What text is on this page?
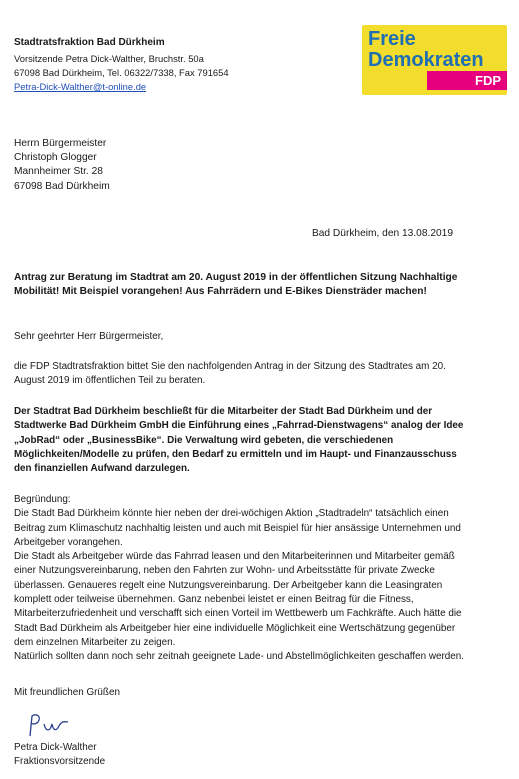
Stadtratsfraktion Bad Dürkheim
Vorsitzende Petra Dick-Walther, Bruchstr. 50a
67098 Bad Dürkheim, Tel. 06322/7338, Fax 791654
Petra-Dick-Walther@t-online.de
Freie
Demokraten
FDP
Herrn Bürgermeister
Christoph Glogger
Mannheimer Str. 28
67098 Bad Dürkheim
Bad Dürkheim, den 13.08.2019
Antrag zur Beratung im Stadtrat am 20. August 2019 in der öffentlichen Sitzung Nachhaltige Mobilität! Mit Beispiel vorangehen! Aus Fahrrädern und E-Bikes Diensträder machen!
Sehr geehrter Herr Bürgermeister,
die FDP Stadtratsfraktion bittet Sie den nachfolgenden Antrag in der Sitzung des Stadtrates am 20. August 2019 im öffentlichen Teil zu beraten.
Der Stadtrat Bad Dürkheim beschließt für die Mitarbeiter der Stadt Bad Dürkheim und der Stadtwerke Bad Dürkheim GmbH die Einführung eines „Fahrrad-Dienstwagens“ analog der Idee „JobRad“ oder „BusinessBike“. Die Verwaltung wird gebeten, die verschiedenen Möglichkeiten/Modelle zu prüfen, den Bedarf zu ermitteln und im Haupt- und Finanzausschuss den finanziellen Aufwand darzulegen.
Begründung:
Die Stadt Bad Dürkheim könnte hier neben der drei-wöchigen Aktion „Stadtradeln“ tatsächlich einen Beitrag zum Klimaschutz nachhaltig leisten und auch mit Beispiel für hier ansässige Unternehmen und Arbeitgeber vorangehen.
Die Stadt als Arbeitgeber würde das Fahrrad leasen und den Mitarbeiterinnen und Mitarbeiter gemäß einer Nutzungsvereinbarung, neben den Fahrten zur Wohn- und Arbeitsstätte für private Zwecke überlassen. Genaueres regelt eine Nutzungsvereinbarung. Der Arbeitgeber kann die Leasingraten komplett oder teilweise übernehmen. Ganz nebenbei leistet er einen Beitrag für die Fitness, Mitarbeiterzufriedenheit und verschafft sich einen Vorteil im Wettbewerb um Fachkräfte. Auch hätte die Stadt Bad Dürkheim als Arbeitgeber hier eine individuelle Möglichkeit eine Wertschätzung gegenüber dem einzelnen Mitarbeiter zu zeigen.
Natürlich sollten dann noch sehr zeitnah geeignete Lade- und Abstellmöglichkeiten geschaffen werden.
Mit freundlichen Grüßen
Petra Dick-Walther
Fraktionsvorsitzende
